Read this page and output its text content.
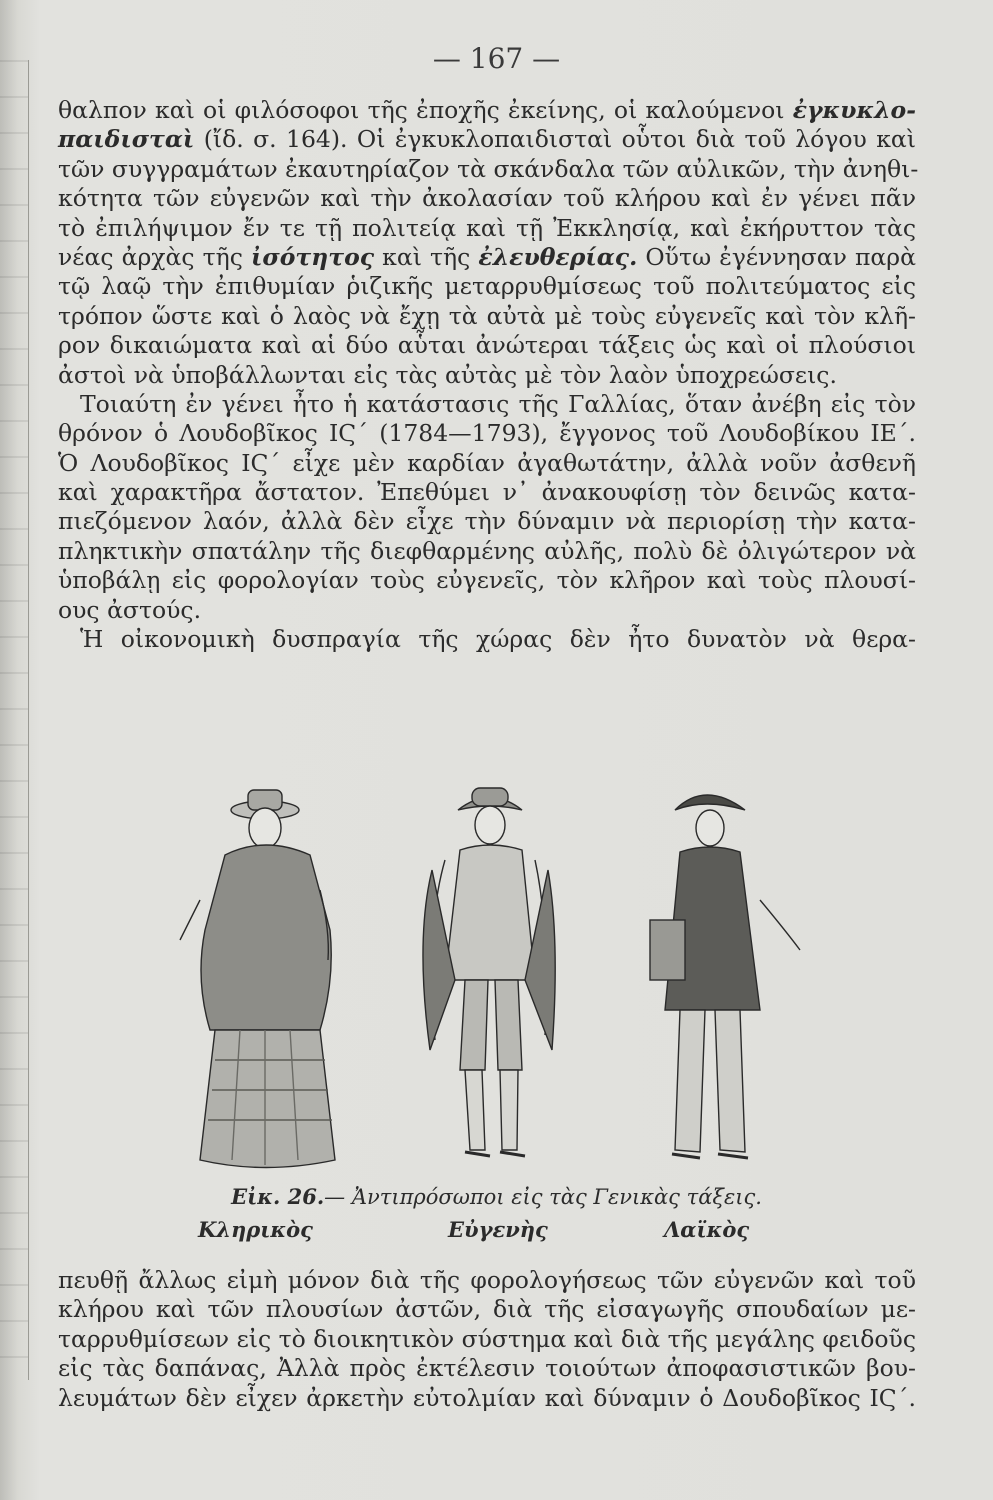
— 167 —
θαλπον καὶ οἱ φιλόσοφοι τῆς ἐποχῆς ἐκείνης, οἱ καλούμενοι ἐγκυκλο-
παιδισταὶ (ἴδ. σ. 164). Οἱ ἐγκυκλοπαιδισταὶ οὗτοι διὰ τοῦ λόγου καὶ
τῶν συγγραμάτων ἐκαυτηρίαζον τὰ σκάνδαλα τῶν αὐλικῶν, τὴν ἀνηθι-
κότητα τῶν εὐγενῶν καὶ τὴν ἀκολασίαν τοῦ κλήρου καὶ ἐν γένει πᾶν
τὸ ἐπιλήψιμον ἔν τε τῇ πολιτείᾳ καὶ τῇ Ἐκκλησίᾳ, καὶ ἐκήρυττον τὰς
νέας ἀρχὰς τῆς ἰσότητος καὶ τῆς ἐλευθερίας. Οὕτω ἐγέννησαν παρὰ
τῷ λαῷ τὴν ἐπιθυμίαν ῥιζικῆς μεταρρυθμίσεως τοῦ πολιτεύματος εἰς
τρόπον ὥστε καὶ ὁ λαὸς νὰ ἔχῃ τὰ αὐτὰ μὲ τοὺς εὐγενεῖς καὶ τὸν κλῆ-
ρον δικαιώματα καὶ αἱ δύο αὗται ἀνώτεραι τάξεις ὡς καὶ οἱ πλούσιοι
ἀστοὶ νὰ ὑποβάλλωνται εἰς τὰς αὐτὰς μὲ τὸν λαὸν ὑποχρεώσεις.
Τοιαύτη ἐν γένει ἦτο ἡ κατάστασις τῆς Γαλλίας, ὅταν ἀνέβη εἰς τὸν
θρόνον ὁ Λουδοβῖκος ΙϚ΄ (1784—1793), ἔγγονος τοῦ Λουδοβίκου ΙΕ΄.
Ὁ Λουδοβῖκος ΙϚ΄ εἶχε μὲν καρδίαν ἀγαθωτάτην, ἀλλὰ νοῦν ἀσθενῆ
καὶ χαρακτῆρα ἄστατον. Ἐπεθύμει ν᾿ ἀνακουφίσῃ τὸν δεινῶς κατα-
πιεζόμενον λαόν, ἀλλὰ δὲν εἶχε τὴν δύναμιν νὰ περιορίσῃ τὴν κατα-
πληκτικὴν σπατάλην τῆς διεφθαρμένης αὐλῆς, πολὺ δὲ ὀλιγώτερον νὰ
ὑποβάλῃ εἰς φορολογίαν τοὺς εὐγενεῖς, τὸν κλῆρον καὶ τοὺς πλουσί-
ους ἀστούς.
Ἡ οἰκονομικὴ δυσπραγία τῆς χώρας δὲν ἦτο δυνατὸν νὰ θερα-
Εἰκ. 26.— Ἀντιπρόσωποι εἰς τὰς Γενικὰς τάξεις.
Κληρικὸς	Εὐγενὴς	Λαϊκὸς
πευθῇ ἄλλως εἰμὴ μόνον διὰ τῆς φορολογήσεως τῶν εὐγενῶν καὶ τοῦ
κλήρου καὶ τῶν πλουσίων ἀστῶν, διὰ τῆς εἰσαγωγῆς σπουδαίων με-
ταρρυθμίσεων εἰς τὸ διοικητικὸν σύστημα καὶ διὰ τῆς μεγάλης φειδοῦς
εἰς τὰς δαπάνας, Ἀλλὰ πρὸς ἐκτέλεσιν τοιούτων ἀποφασιστικῶν βου-
λευμάτων δὲν εἶχεν ἀρκετὴν εὐτολμίαν καὶ δύναμιν ὁ Δουδοβῖκος ΙϚ΄.
